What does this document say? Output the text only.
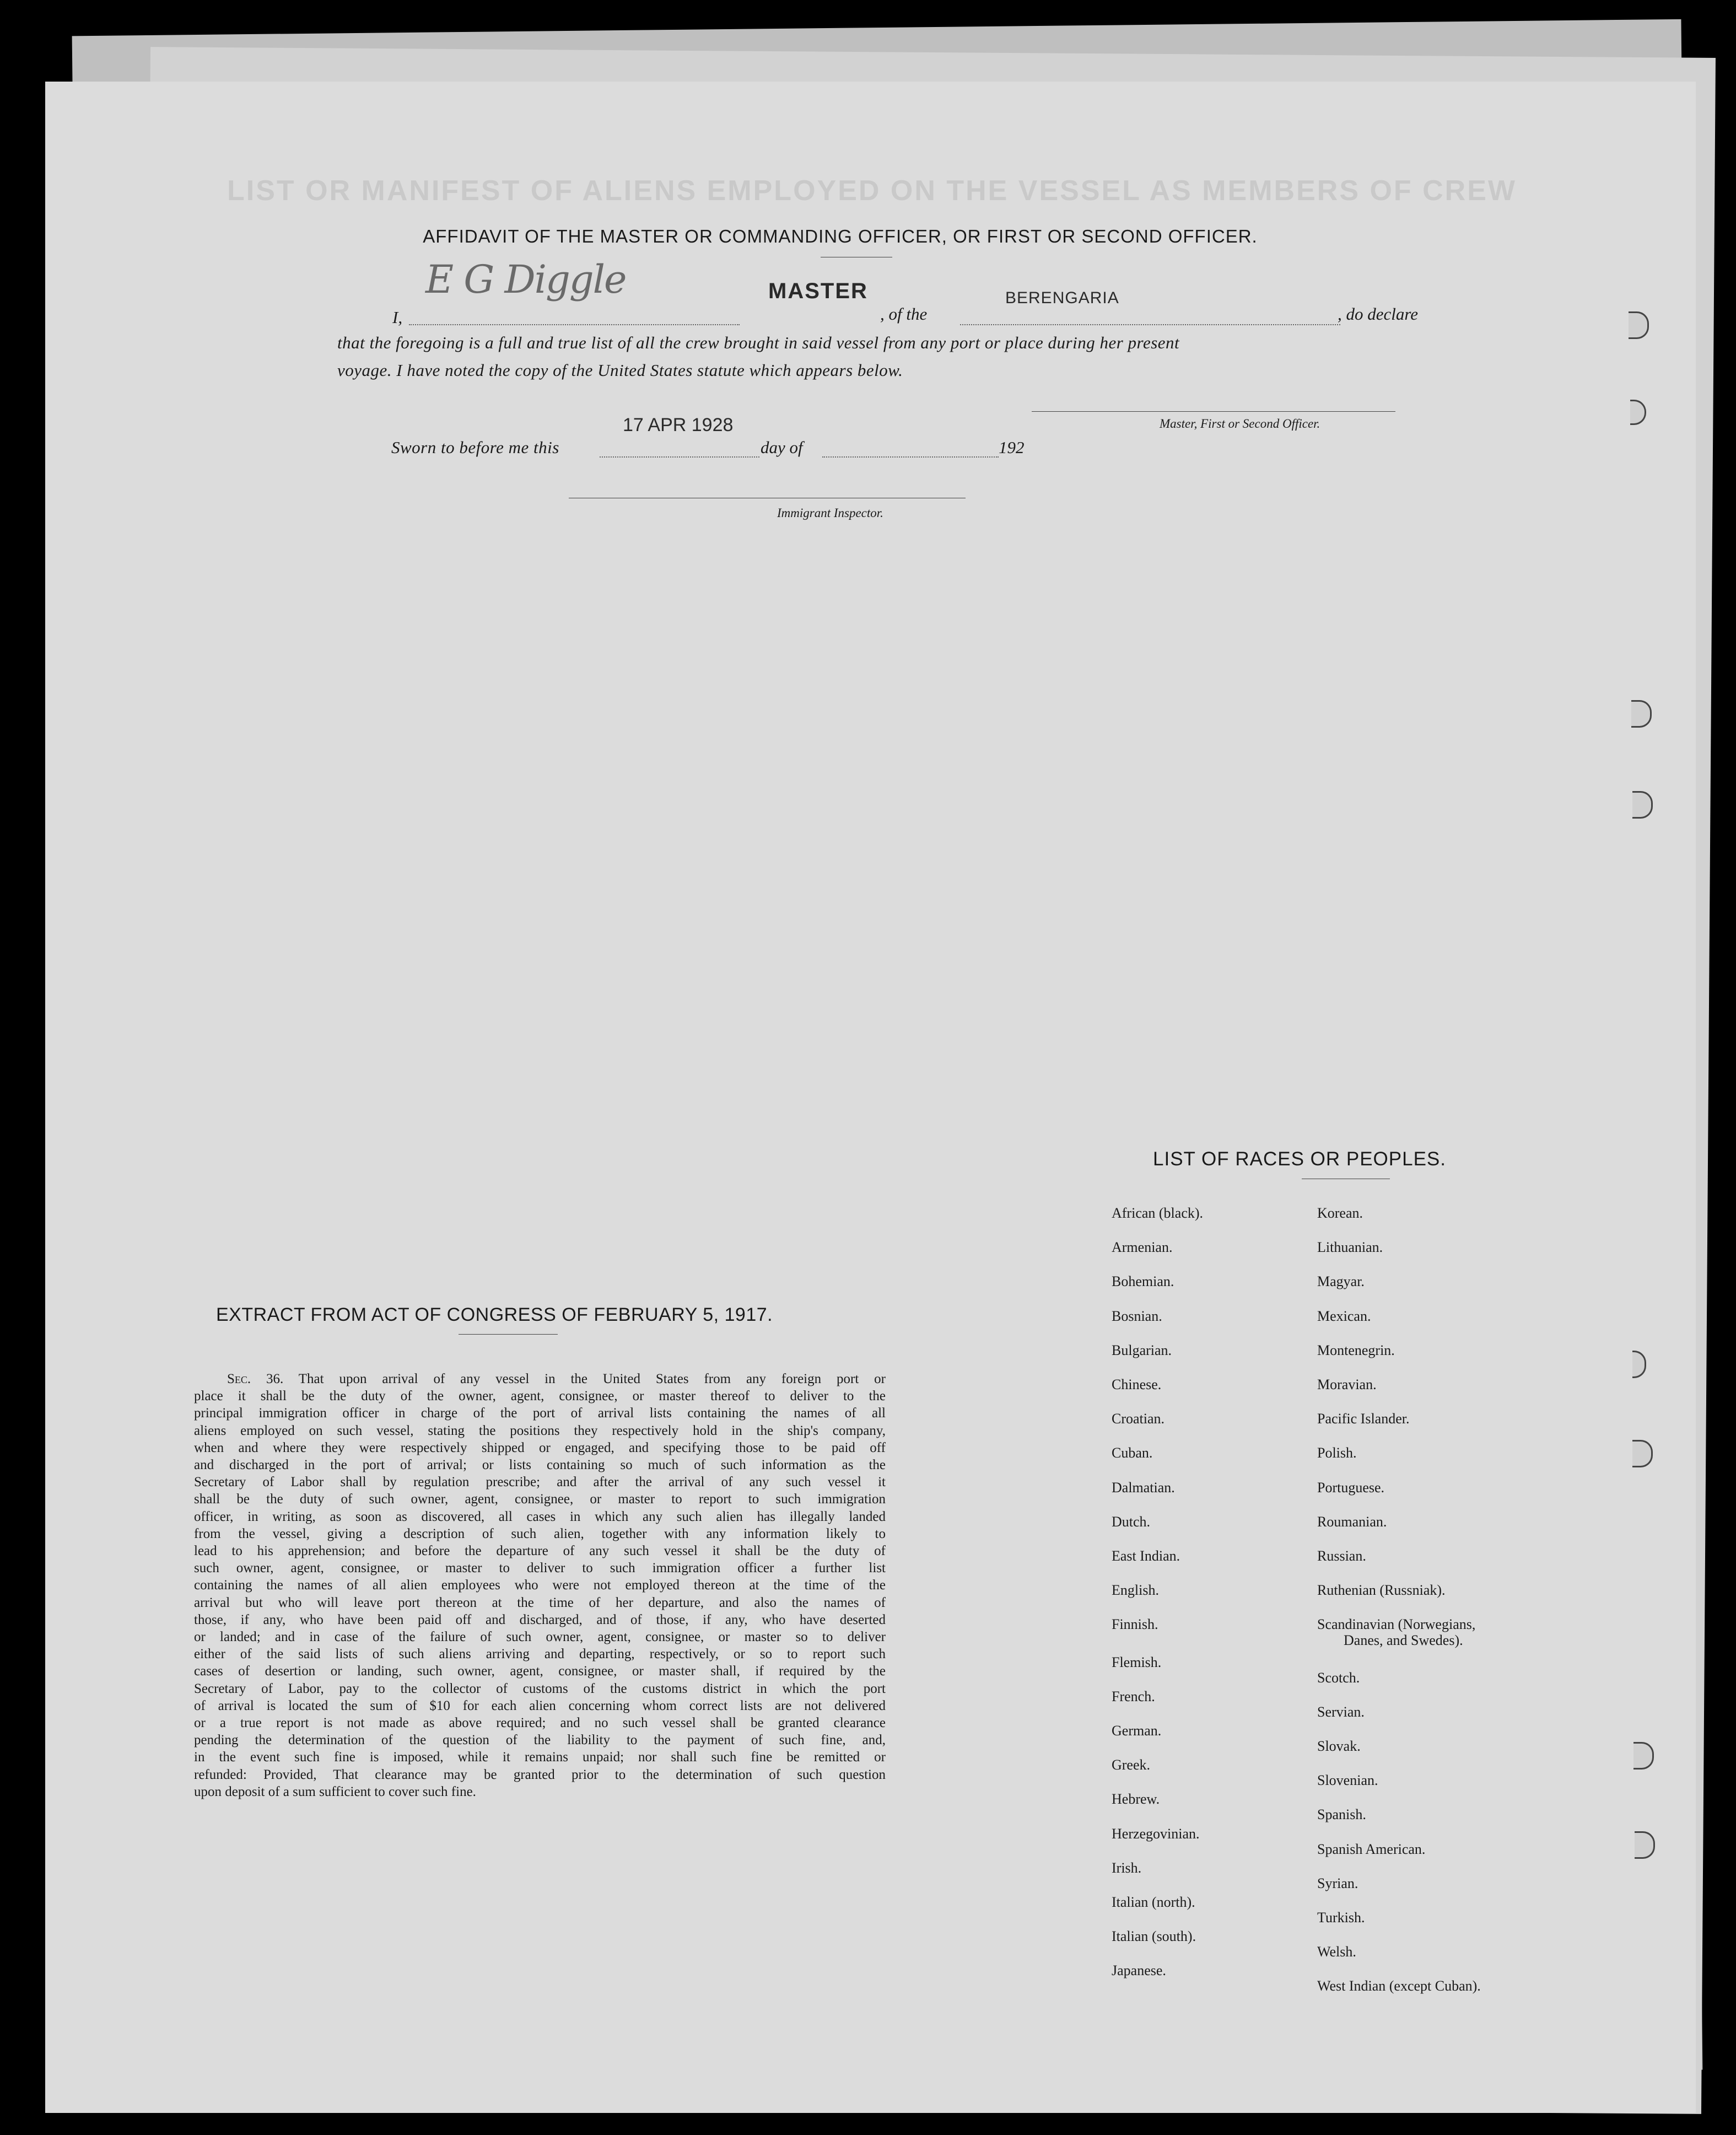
LIST OR MANIFEST OF ALIENS EMPLOYED ON THE VESSEL AS MEMBERS OF CREW
AFFIDAVIT OF THE MASTER OR COMMANDING OFFICER, OR FIRST OR SECOND OFFICER.
I,
E G Diggle	MASTER
, of the
BERENGARIA
, do declare
that the foregoing is a full and true list of all the crew brought in said vessel from any port or place during her present
voyage. I have noted the copy of the United States statute which appears below.
Master, First or Second Officer.
Sworn to before me this
17 APR 1928
day of	192
Immigrant Inspector.
EXTRACT FROM ACT OF CONGRESS OF FEBRUARY 5, 1917.
Sec. 36. That upon arrival of any vessel in the United States from any foreign port or
place it shall be the duty of the owner, agent, consignee, or master thereof to deliver to the
principal immigration officer in charge of the port of arrival lists containing the names of all
aliens employed on such vessel, stating the positions they respectively hold in the ship's company,
when and where they were respectively shipped or engaged, and specifying those to be paid off
and discharged in the port of arrival; or lists containing so much of such information as the
Secretary of Labor shall by regulation prescribe; and after the arrival of any such vessel it
shall be the duty of such owner, agent, consignee, or master to report to such immigration
officer, in writing, as soon as discovered, all cases in which any such alien has illegally landed
from the vessel, giving a description of such alien, together with any information likely to
lead to his apprehension; and before the departure of any such vessel it shall be the duty of
such owner, agent, consignee, or master to deliver to such immigration officer a further list
containing the names of all alien employees who were not employed thereon at the time of the
arrival but who will leave port thereon at the time of her departure, and also the names of
those, if any, who have been paid off and discharged, and of those, if any, who have deserted
or landed; and in case of the failure of such owner, agent, consignee, or master so to deliver
either of the said lists of such aliens arriving and departing, respectively, or so to report such
cases of desertion or landing, such owner, agent, consignee, or master shall, if required by the
Secretary of Labor, pay to the collector of customs of the customs district in which the port
of arrival is located the sum of $10 for each alien concerning whom correct lists are not delivered
or a true report is not made as above required; and no such vessel shall be granted clearance
pending the determination of the question of the liability to the payment of such fine, and,
in the event such fine is imposed, while it remains unpaid; nor shall such fine be remitted or
refunded: Provided, That clearance may be granted prior to the determination of such question
upon deposit of a sum sufficient to cover such fine.
LIST OF RACES OR PEOPLES.
African (black).
Armenian.
Bohemian.
Bosnian.
Bulgarian.
Chinese.
Croatian.
Cuban.
Dalmatian.
Dutch.
East Indian.
English.
Finnish.
Flemish.
French.
German.
Greek.
Hebrew.
Herzegovinian.
Irish.
Italian (north).
Italian (south).
Japanese.
Korean.
Lithuanian.
Magyar.
Mexican.
Montenegrin.
Moravian.
Pacific Islander.
Polish.
Portuguese.
Roumanian.
Russian.
Ruthenian (Russniak).
Scandinavian (Norwegians,
Danes, and Swedes).
Scotch.
Servian.
Slovak.
Slovenian.
Spanish.
Spanish American.
Syrian.
Turkish.
Welsh.
West Indian (except Cuban).
